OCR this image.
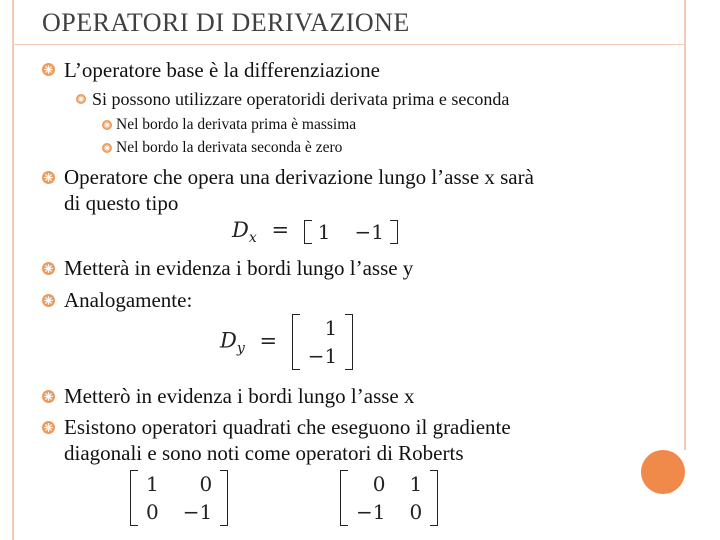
OPERATORI DI DERIVAZIONE
L’operatore base è la differenziazione
Si possono utilizzare operatoridi derivata prima e seconda
Nel bordo la derivata prima è massima
Nel bordo la derivata seconda è zero
Operatore che opera una derivazione lungo l’asse x sarà
di questo tipo
$D_x = 1 -1$
Metterà in evidenza i bordi lungo l’asse y
Analogamente:
$D_y$ =
1
−1
Metterò in evidenza i bordi lungo l’asse x
Esistono operatori quadrati che eseguono il gradiente
diagonali e sono noti come operatori di Roberts
1	0
0 −1
0 1
−1 0
